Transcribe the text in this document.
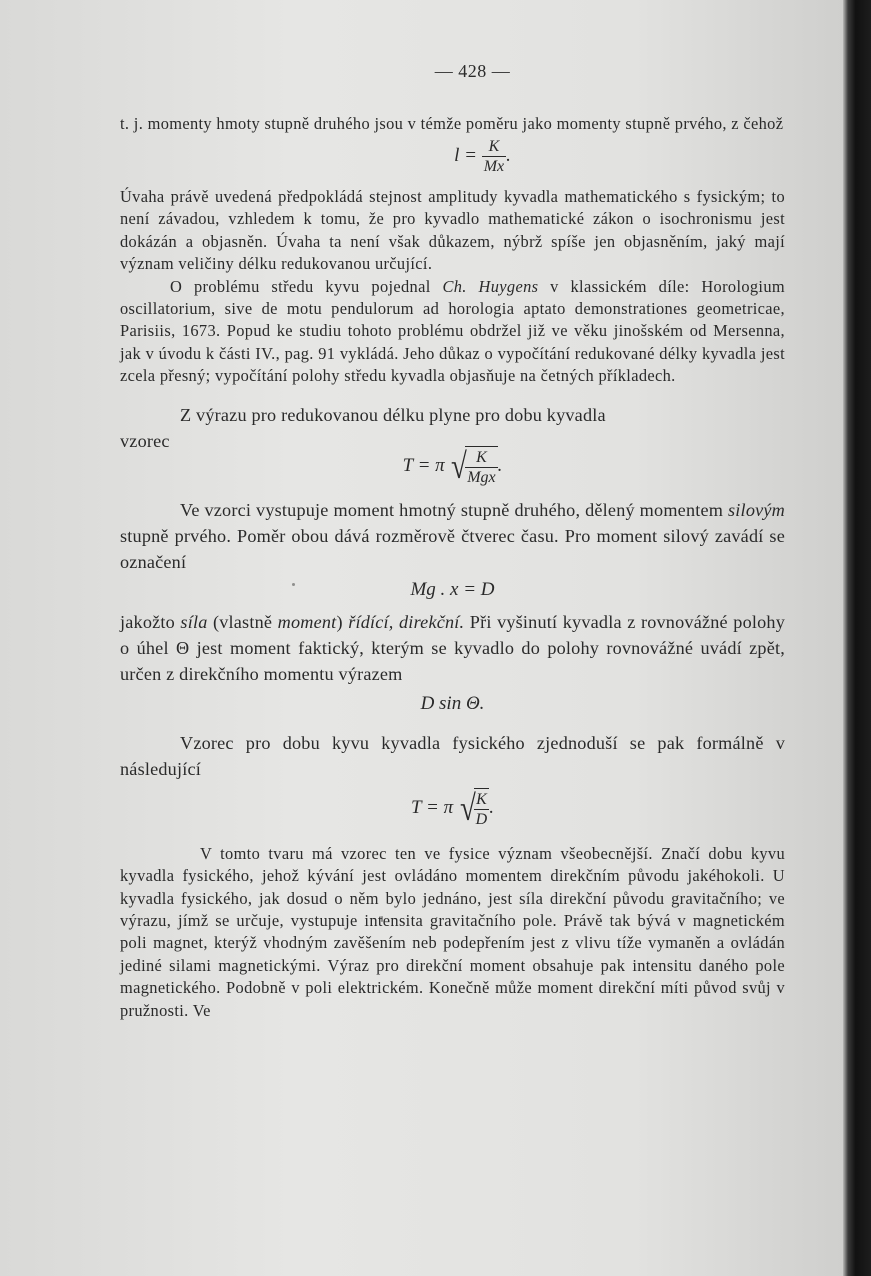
— 428 —

t. j. momenty hmoty stupně druhého jsou v témže poměru jako momenty stupně prvého, z čehož

$l = \frac{K}{Mx}$ .

Úvaha právě uvedená předpokládá stejnost amplitudy kyvadla mathematického s fysickým; to není závadou, vzhledem k tomu, že pro kyvadlo mathematické zákon o isochronismu jest dokázán a objasněn. Úvaha ta není však důkazem, nýbrž spíše jen objasněním, jaký mají význam veličiny délku redukovanou určující.

O problému středu kyvu pojednal Ch. Huygens v klassickém díle: Horologium oscillatorium, sive de motu pendulorum ad horologia aptato demonstrationes geometricae, Parisiis, 1673. Popud ke studiu tohoto problému obdržel již ve věku jinošském od Mersenna, jak v úvodu k části IV., pag. 91 vykládá. Jeho důkaz o vypočítání redukované délky kyvadla jest zcela přesný; vypočítání polohy středu kyvadla objasňuje na četných příkladech.

Z výrazu pro redukovanou délku plyne pro dobu kyvadla

vzorec

T = π √
$\frac{K}{\text{Mgx}}$ .

Ve vzorci vystupuje moment hmotný stupně druhého, dělený momentem silovým stupně prvého. Poměr obou dává rozměrově čtverec času. Pro moment silový zavádí se označení

Mg . x = D

jakožto síla (vlastně moment) řídící, direkční. Při vyšinutí kyvadla z rovnovážné polohy o úhel Θ jest moment faktický, kterým se kyvadlo do polohy rovnovážné uvádí zpět, určen z direkčního momentu výrazem

D sin Θ.

Vzorec pro dobu kyvu kyvadla fysického zjednoduší se pak formálně v následující

T = π √
$\frac{K}{D}$ .

V tomto tvaru má vzorec ten ve fysice význam všeobecnější. Značí dobu kyvu kyvadla fysického, jehož kývání jest ovládáno momentem direkčním původu jakéhokoli. U kyvadla fysického, jak dosud o něm bylo jednáno, jest síla direkční původu gravitačního; ve výrazu, jímž se určuje, vystupuje intensita gravitačního pole. Právě tak bývá v magnetickém poli magnet, kterýž vhodným zavěšením neb podepřením jest z vlivu tíže vymaněn a ovládán jediné silami magnetickými. Výraz pro direkční moment obsahuje pak intensitu daného pole magnetického. Podobně v poli elektrickém. Konečně může moment direkční míti původ svůj v pružnosti. Ve
